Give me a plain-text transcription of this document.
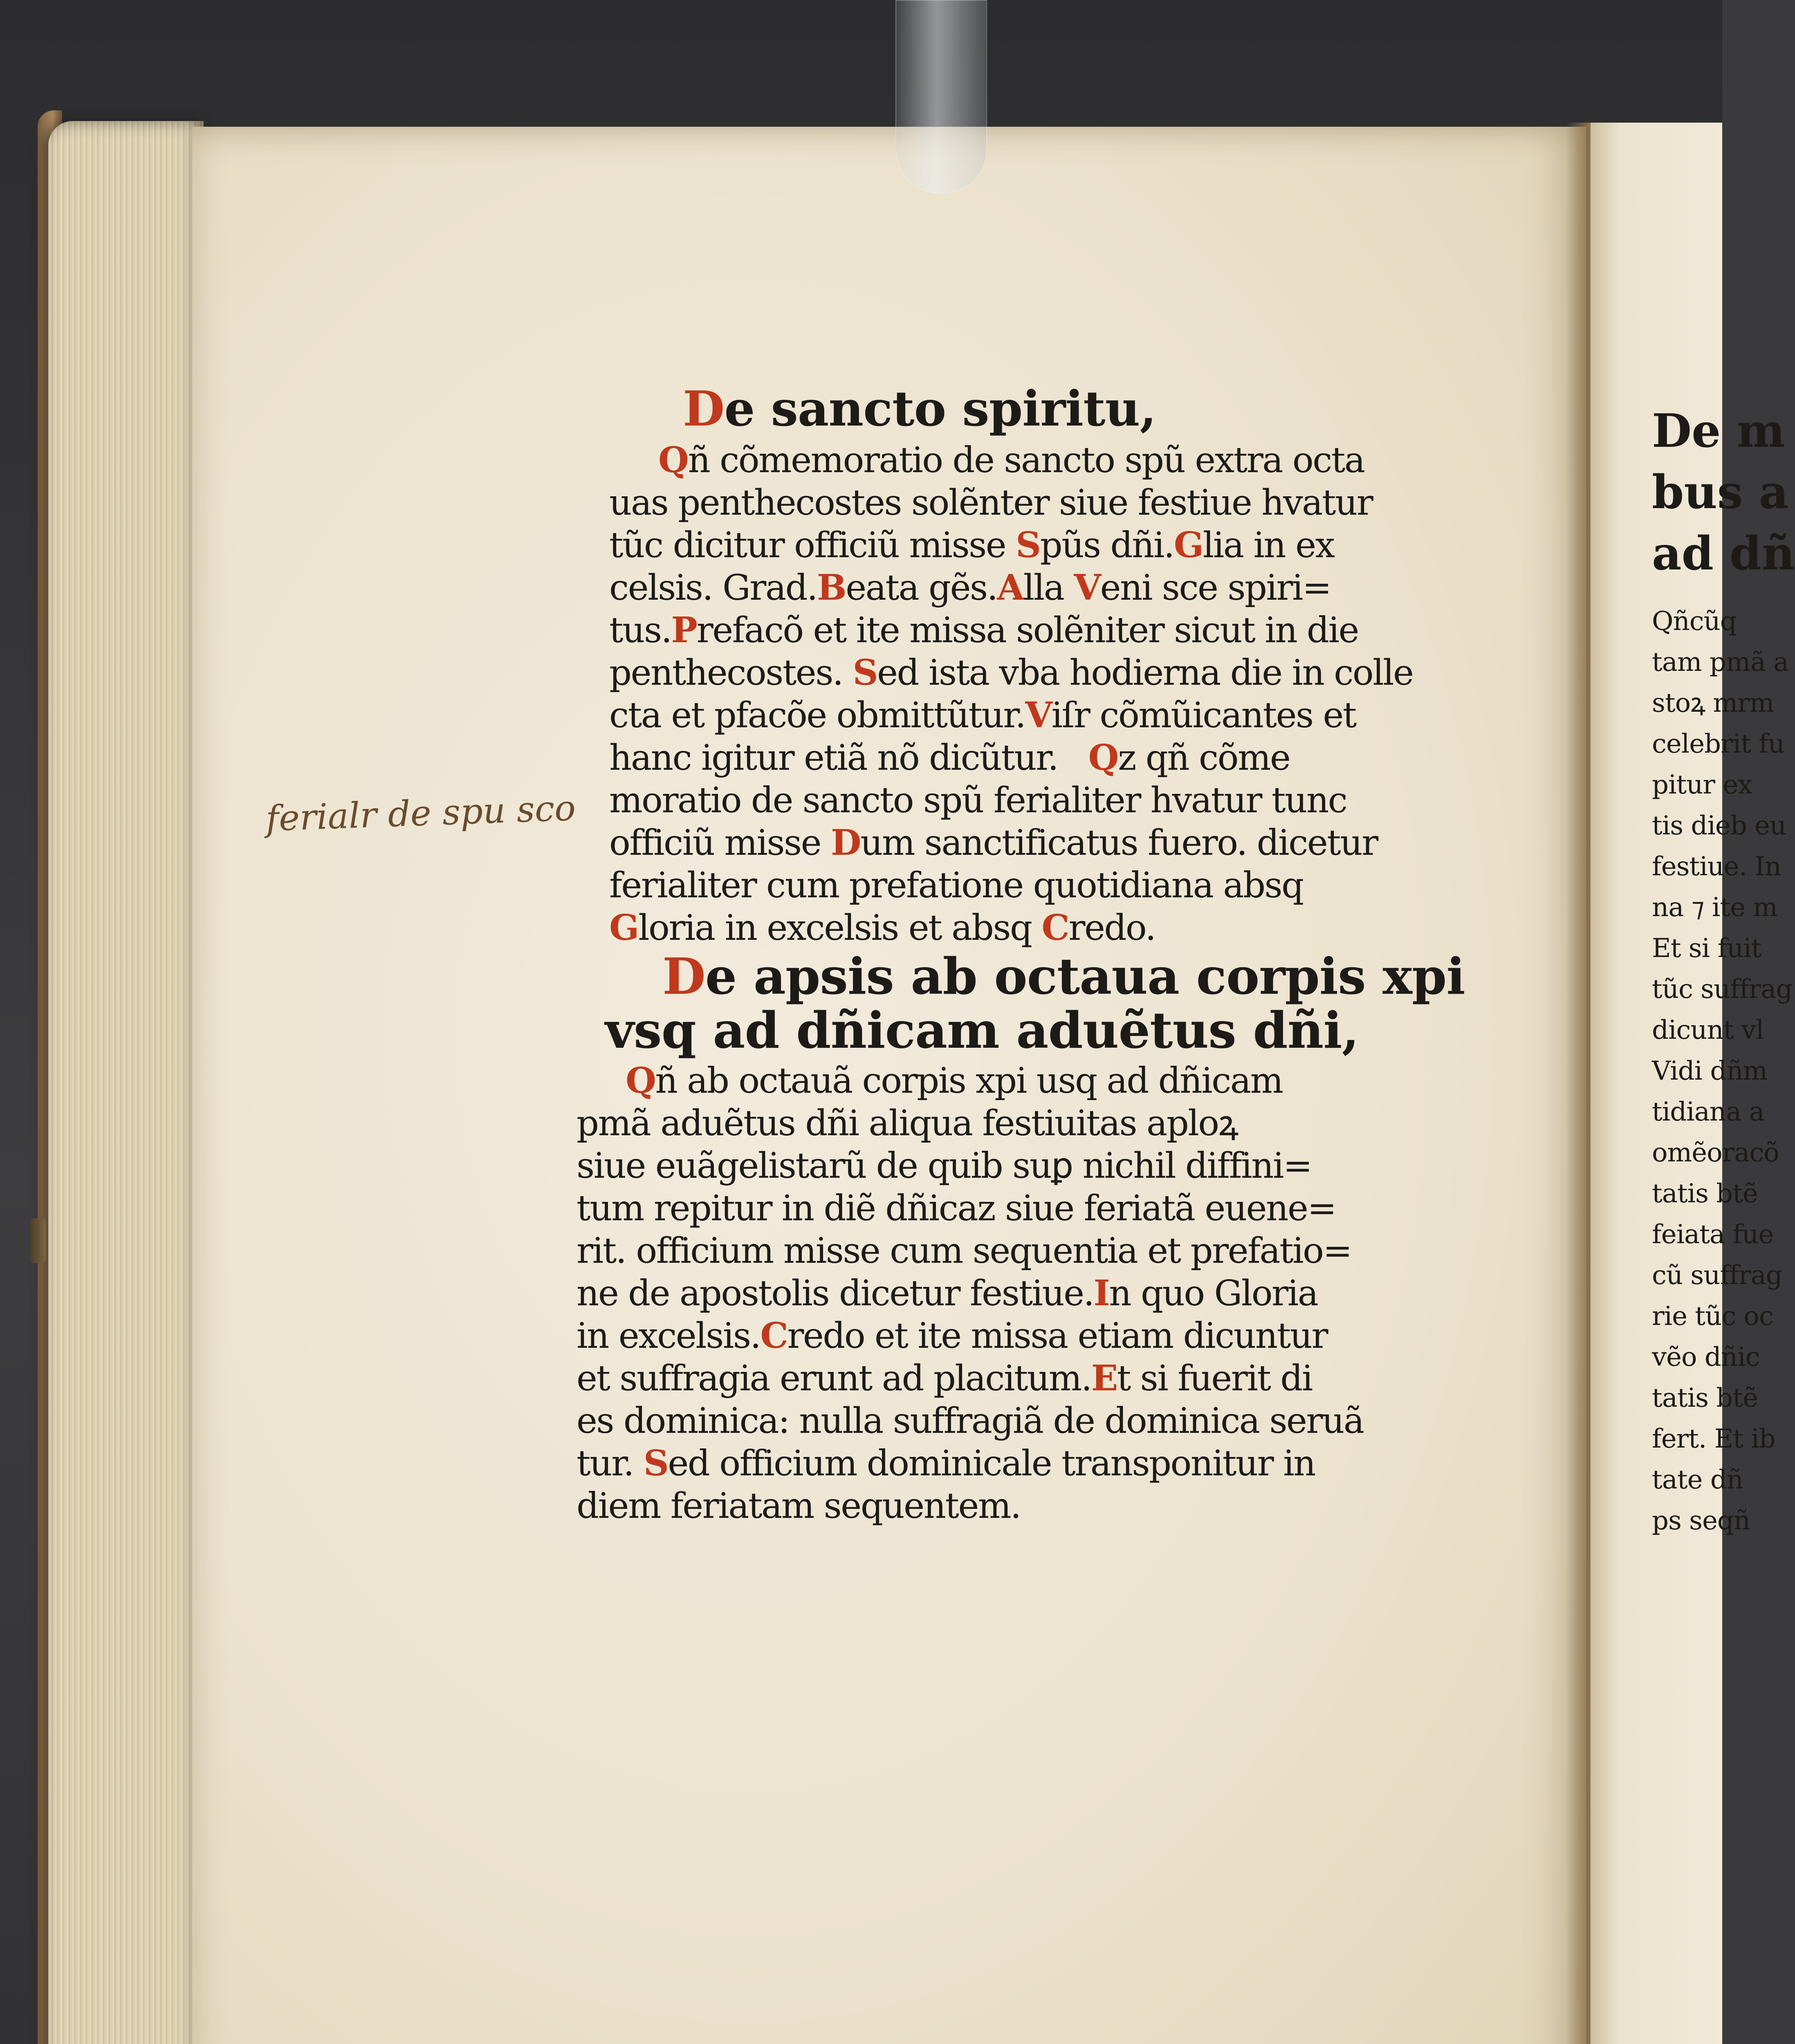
De m
bus a
ad dñ
Qñcũq
tam pmã a
stoꝝ mrm
celebrit fu
pitur ex
tis dieb eu
festiue. In
na ⁊ ite m
Et si fuit
tũc suffrag
dicunt vl
Vidi dñm
tidiana a
omẽoracõ
tatis btẽ
feiata fue
cũ suffrag
rie tũc oc
vẽo dñic
tatis btẽ
fert. Et ib
tate dñ
ps seqñ
ferialr de spu sco
De sancto spiritu,
Qñ cõmemoratio de sancto spũ extra octa
uas penthecostes solẽnter siue festiue hvatur
tũc dicitur officiũ misse Spũs dñi.Glia in ex
celsis. Grad.Beata gẽs.Alla Veni sce spiri=
tus.Prefacõ et ite missa solẽniter sicut in die
penthecostes. Sed ista vba hodierna die in colle
cta et pfacõe obmittũtur.Viſr cõmũicantes et
hanc igitur etiã nõ dicũtur. Qz qñ cõme
moratio de sancto spũ ferialiter hvatur tunc
officiũ misse Dum sanctificatus fuero. dicetur
ferialiter cum prefatione quotidiana absq
Gloria in excelsis et absq Credo.
De apsis ab octaua corpis xpi
vsq ad dñicam aduẽtus dñi,
Qñ ab octauã corpis xpi usq ad dñicam
pmã aduẽtus dñi aliqua festiuitas aploꝝ
siue euãgelistarũ de quib suꝑ nichil diffini=
tum repitur in diẽ dñicaz siue feriatã euene=
rit. officium misse cum sequentia et prefatio=
ne de apostolis dicetur festiue.In quo Gloria
in excelsis.Credo et ite missa etiam dicuntur
et suffragia erunt ad placitum.Et si fuerit di
es dominica: nulla suffragiã de dominica seruã
tur. Sed officium dominicale transponitur in
diem feriatam sequentem.
